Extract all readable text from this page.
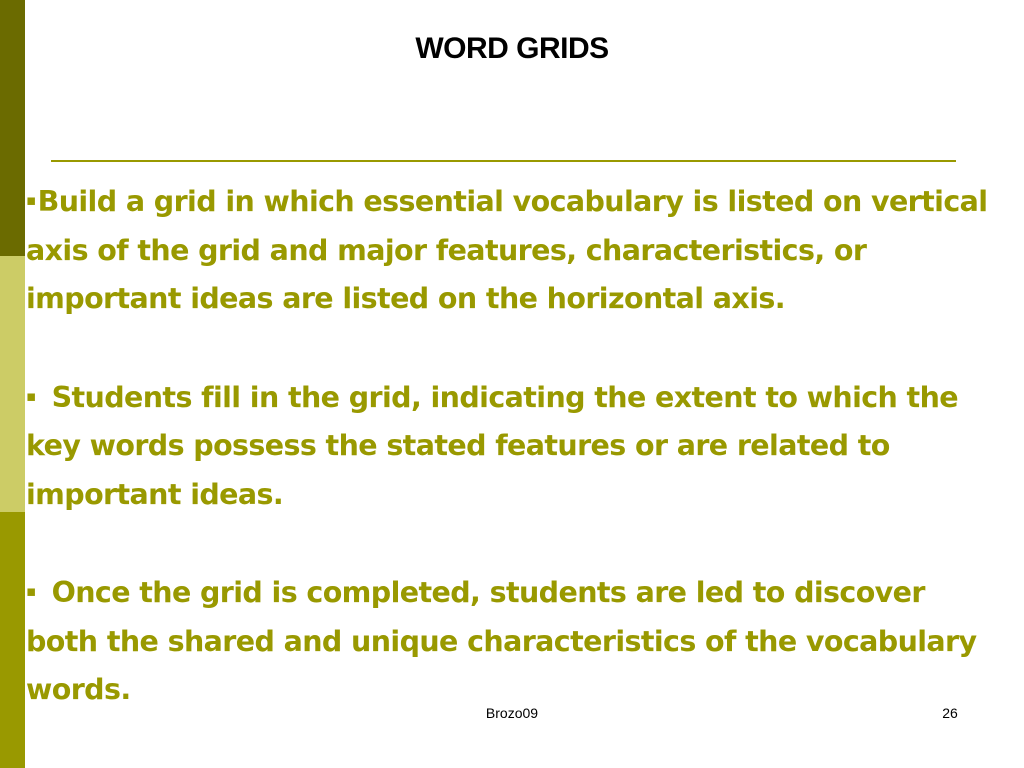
WORD GRIDS

▪Build a grid in which essential vocabulary is listed on vertical axis of the grid and major features, characteristics, or important ideas are listed on the horizontal axis.

▪ Students fill in the grid, indicating the extent to which the key words possess the stated features or are related to important ideas.

▪ Once the grid is completed, students are led to discover both the shared and unique characteristics of the vocabulary words.

Brozo09	26
